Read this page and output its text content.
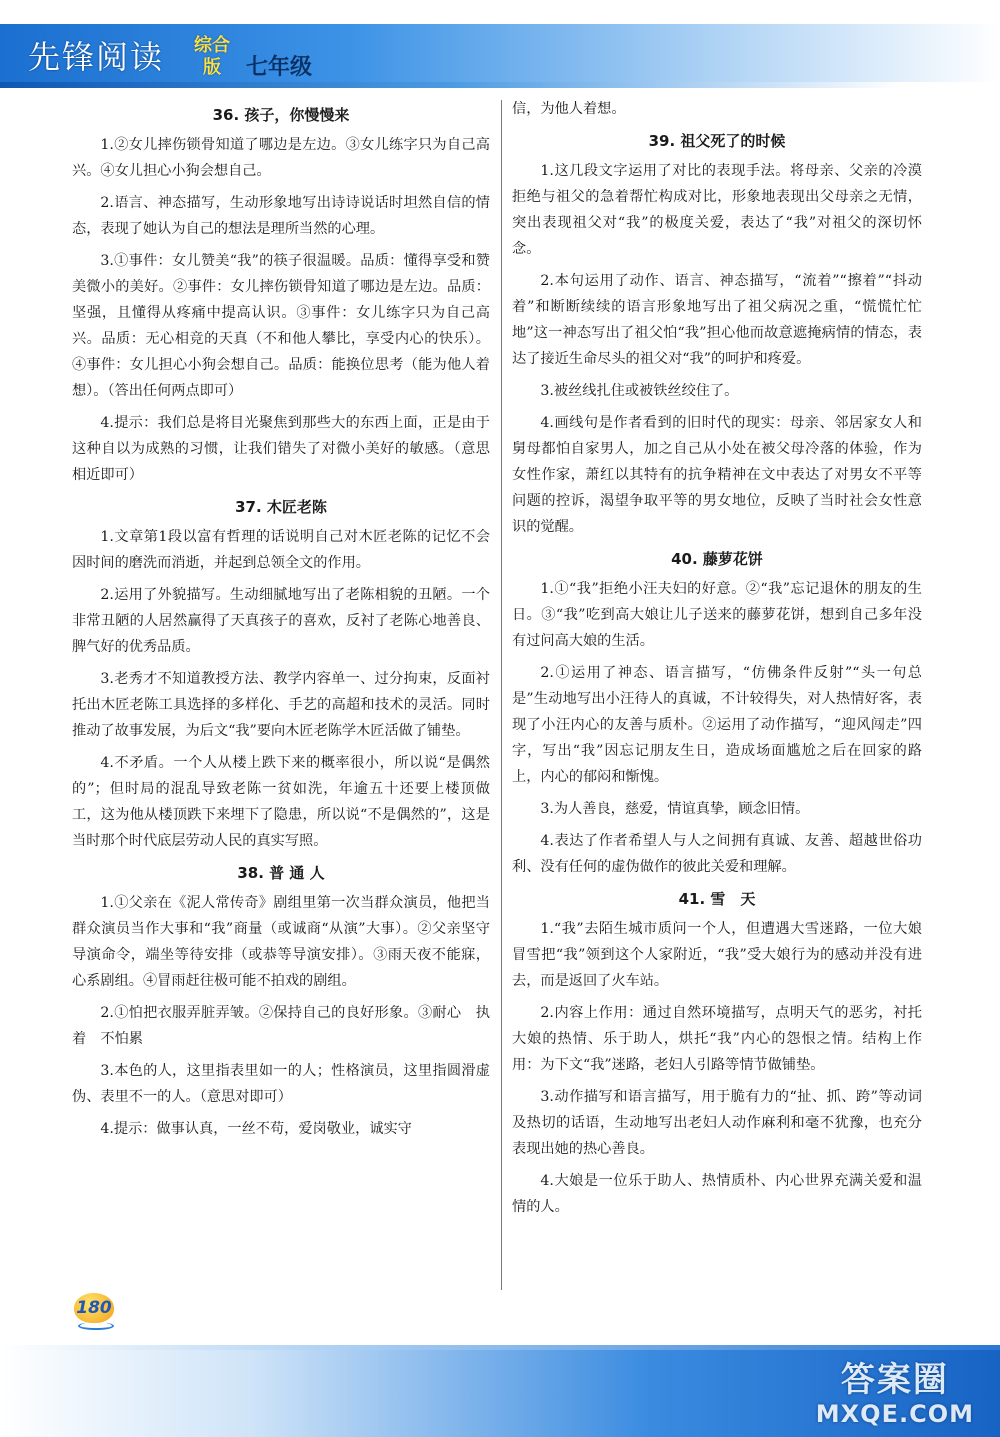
先锋阅读 综合
版 七年级
36. 孩子，你慢慢来

1.②女儿摔伤锁骨知道了哪边是左边。③女儿练字只为自己高兴。④女儿担心小狗会想自己。

2.语言、神态描写，生动形象地写出诗诗说话时坦然自信的情态，表现了她认为自己的想法是理所当然的心理。

3.①事件：女儿赞美“我”的筷子很温暖。品质：懂得享受和赞美微小的美好。②事件：女儿摔伤锁骨知道了哪边是左边。品质：坚强，且懂得从疼痛中提高认识。③事件：女儿练字只为自己高兴。品质：无心相竞的天真（不和他人攀比，享受内心的快乐）。④事件：女儿担心小狗会想自己。品质：能换位思考（能为他人着想）。（答出任何两点即可）

4.提示：我们总是将目光聚焦到那些大的东西上面，正是由于这种自以为成熟的习惯，让我们错失了对微小美好的敏感。（意思相近即可）

37. 木匠老陈

1.文章第1段以富有哲理的话说明自己对木匠老陈的记忆不会因时间的磨洗而消逝，并起到总领全文的作用。

2.运用了外貌描写。生动细腻地写出了老陈相貌的丑陋。一个非常丑陋的人居然赢得了天真孩子的喜欢，反衬了老陈心地善良、脾气好的优秀品质。

3.老秀才不知道教授方法、教学内容单一、过分拘束，反面衬托出木匠老陈工具选择的多样化、手艺的高超和技术的灵活。同时推动了故事发展，为后文“我”要向木匠老陈学木匠活做了铺垫。

4.不矛盾。一个人从楼上跌下来的概率很小，所以说“是偶然的”；但时局的混乱导致老陈一贫如洗，年逾五十还要上楼顶做工，这为他从楼顶跌下来埋下了隐患，所以说“不是偶然的”，这是当时那个时代底层劳动人民的真实写照。

38. 普 通 人

1.①父亲在《泥人常传奇》剧组里第一次当群众演员，他把当群众演员当作大事和“我”商量（或诚商“从演”大事）。②父亲坚守导演命令，端坐等待安排（或恭等导演安排）。③雨天夜不能寐，心系剧组。④冒雨赶往极可能不拍戏的剧组。

2.①怕把衣服弄脏弄皱。②保持自己的良好形象。③耐心　执着　不怕累

3.本色的人，这里指表里如一的人；性格演员，这里指圆滑虚伪、表里不一的人。（意思对即可）

4.提示：做事认真，一丝不苟，爱岗敬业，诚实守

信，为他人着想。

39. 祖父死了的时候

1.这几段文字运用了对比的表现手法。将母亲、父亲的冷漠拒绝与祖父的急着帮忙构成对比，形象地表现出父母亲之无情，突出表现祖父对“我”的极度关爱，表达了“我”对祖父的深切怀念。

2.本句运用了动作、语言、神态描写，“流着”“擦着”“抖动着”和断断续续的语言形象地写出了祖父病况之重，“慌慌忙忙地”这一神态写出了祖父怕“我”担心他而故意遮掩病情的情态，表达了接近生命尽头的祖父对“我”的呵护和疼爱。

3.被丝线扎住或被铁丝绞住了。

4.画线句是作者看到的旧时代的现实：母亲、邻居家女人和舅母都怕自家男人，加之自己从小处在被父母冷落的体验，作为女性作家，萧红以其特有的抗争精神在文中表达了对男女不平等问题的控诉，渴望争取平等的男女地位，反映了当时社会女性意识的觉醒。

40. 藤萝花饼

1.①“我”拒绝小汪夫妇的好意。②“我”忘记退休的朋友的生日。③“我”吃到高大娘让儿子送来的藤萝花饼，想到自己多年没有过问高大娘的生活。

2.①运用了神态、语言描写，“仿佛条件反射”“头一句总是”生动地写出小汪待人的真诚，不计较得失，对人热情好客，表现了小汪内心的友善与质朴。②运用了动作描写，“迎风闯走”四字，写出“我”因忘记朋友生日，造成场面尴尬之后在回家的路上，内心的郁闷和惭愧。

3.为人善良，慈爱，情谊真挚，顾念旧情。

4.表达了作者希望人与人之间拥有真诚、友善、超越世俗功利、没有任何的虚伪做作的彼此关爱和理解。

41. 雪　天

1.“我”去陌生城市质问一个人，但遭遇大雪迷路，一位大娘冒雪把“我”领到这个人家附近，“我”受大娘行为的感动并没有进去，而是返回了火车站。

2.内容上作用：通过自然环境描写，点明天气的恶劣，衬托大娘的热情、乐于助人，烘托“我”内心的怨恨之情。结构上作用：为下文“我”迷路，老妇人引路等情节做铺垫。

3.动作描写和语言描写，用于脆有力的“扯、抓、跨”等动词及热切的话语，生动地写出老妇人动作麻利和毫不犹豫，也充分表现出她的热心善良。

4.大娘是一位乐于助人、热情质朴、内心世界充满关爱和温情的人。

180
答案圈
MXQE.COM
